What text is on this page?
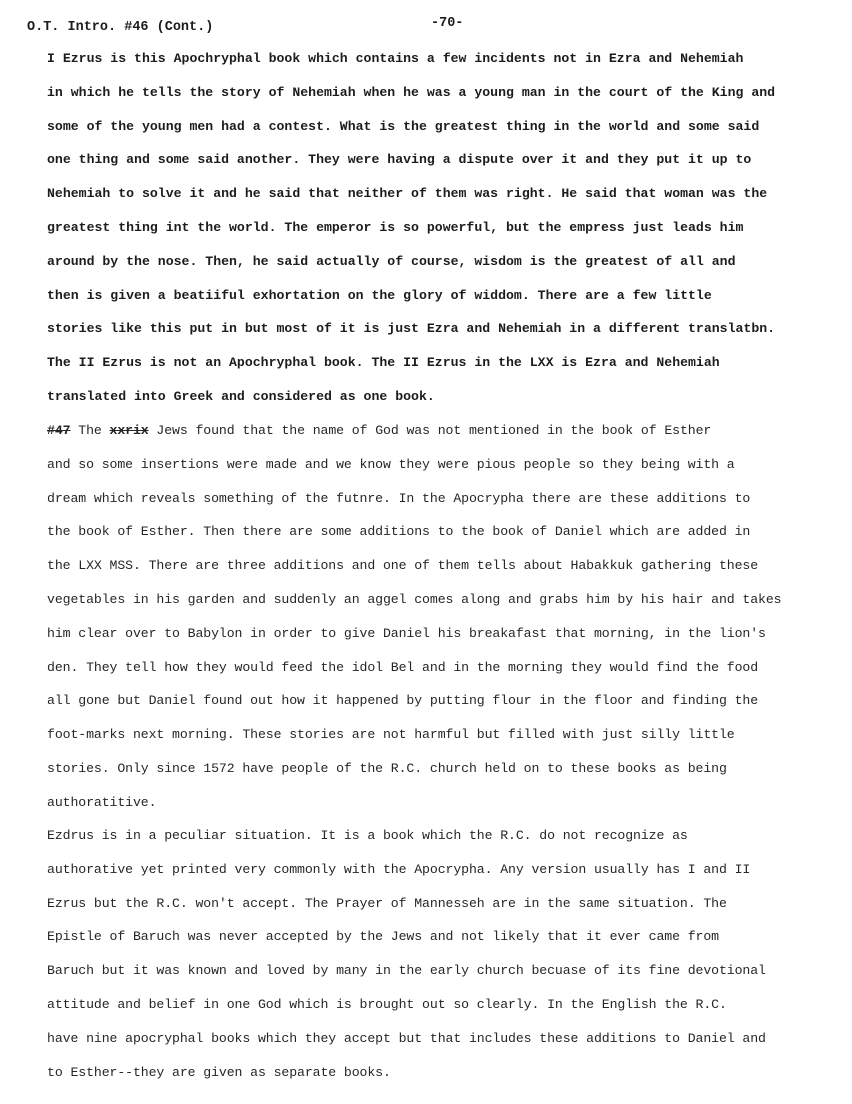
O.T. Intro. #46 (Cont.)	-70-

I Ezrus is this Apochryphal book which contains a few incidents not in Ezra and Nehemiah
in which he tells the story of Nehemiah when he was a young man in the court of the King and
some of the young men had a contest. What is the greatest thing in the world and some said
one thing and some said another. They were having a dispute over it and they put it up to
Nehemiah to solve it and he said that neither of them was right. He said that woman was the
greatest thing int the world. The emperor is so powerful, but the empress just leads him
around by the nose. Then, he said actually of course, wisdom is the greatest of all and
then is given a beatiiful exhortation on the glory of widdom. There are a few little
stories like this put in but most of it is just Ezra and Nehemiah in a different translatbn.
The II Ezrus is not an Apochryphal book. The II Ezrus in the LXX is Ezra and Nehemiah
translated into Greek and considered as one book.

#47 The xxrix Jews found that the name of God was not mentioned in the book of Esther
and so some insertions were made and we know they were pious people so they being with a
dream which reveals something of the futnre. In the Apocrypha there are these additions to
the book of Esther. Then there are some additions to the book of Daniel which are added in
the LXX MSS. There are three additions and one of them tells about Habakkuk gathering these
vegetables in his garden and suddenly an aggel comes along and grabs him by his hair and takes
him clear over to Babylon in order to give Daniel his breakafast that morning, in the lion's
den. They tell how they would feed the idol Bel and in the morning they would find the food
all gone but Daniel found out how it happened by putting flour in the floor and finding the
foot-marks next morning. These stories are not harmful but filled with just silly little
stories. Only since 1572 have people of the R.C. church held on to these books as being
authoratitive.

Ezdrus is in a peculiar situation. It is a book which the R.C. do not recognize as
authorative yet printed very commonly with the Apocrypha. Any version usually has I and II
Ezrus but the R.C. won't accept. The Prayer of Mannesseh are in the same situation. The
Epistle of Baruch was never accepted by the Jews and not likely that it ever came from
Baruch but it was known and loved by many in the early church becuase of its fine devotional
attitude and belief in one God which is brought out so clearly. In the English the R.C.
have nine apocryphal books which they accept but that includes these additions to Daniel and
to Esther--they are given as separate books.
